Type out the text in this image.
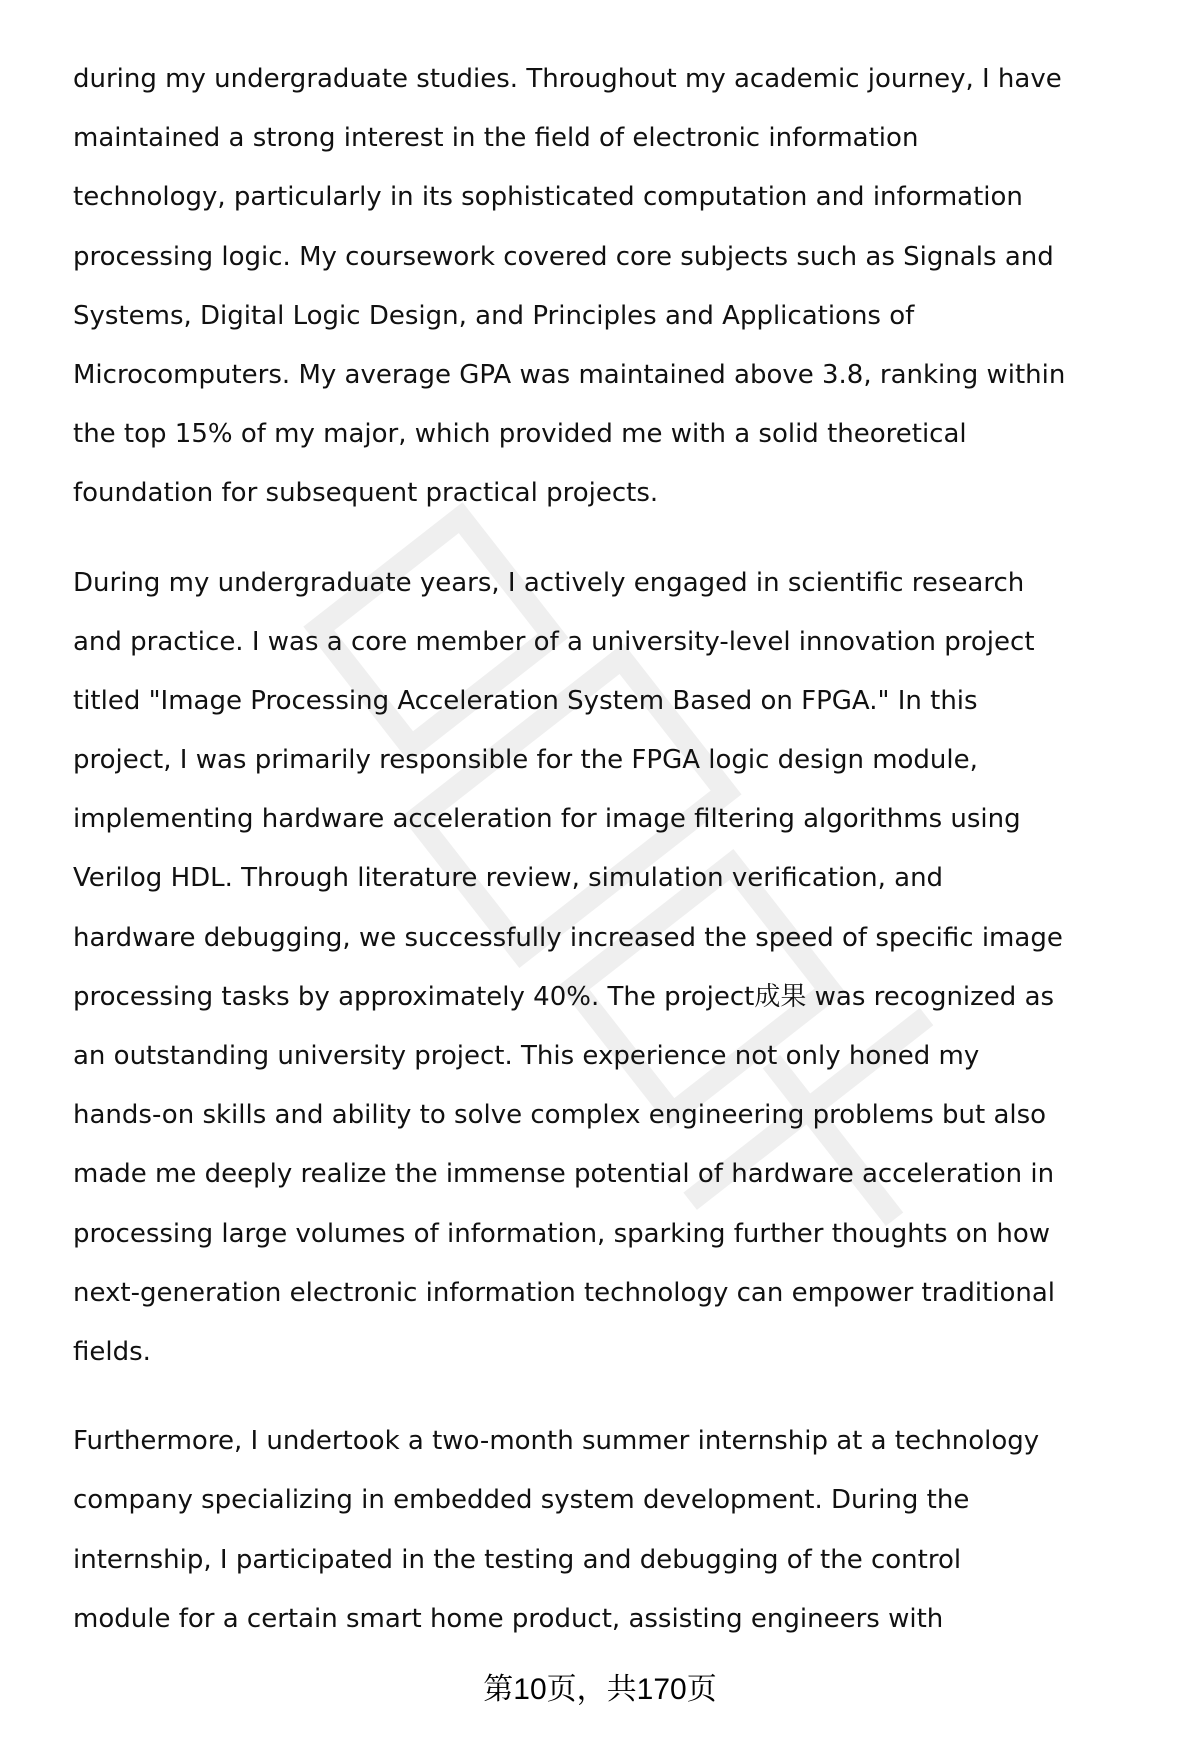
during my undergraduate studies. Throughout my academic journey, I have
maintained a strong interest in the field of electronic information
technology, particularly in its sophisticated computation and information
processing logic. My coursework covered core subjects such as Signals and
Systems, Digital Logic Design, and Principles and Applications of
Microcomputers. My average GPA was maintained above 3.8, ranking within
the top 15% of my major, which provided me with a solid theoretical
foundation for subsequent practical projects.
During my undergraduate years, I actively engaged in scientific research
and practice. I was a core member of a university-level innovation project
titled "Image Processing Acceleration System Based on FPGA." In this
project, I was primarily responsible for the FPGA logic design module,
implementing hardware acceleration for image filtering algorithms using
Verilog HDL. Through literature review, simulation verification, and
hardware debugging, we successfully increased the speed of specific image
processing tasks by approximately 40%. The project成果 was recognized as
an outstanding university project. This experience not only honed my
hands-on skills and ability to solve complex engineering problems but also
made me deeply realize the immense potential of hardware acceleration in
processing large volumes of information, sparking further thoughts on how
next-generation electronic information technology can empower traditional
fields.
Furthermore, I undertook a two-month summer internship at a technology
company specializing in embedded system development. During the
internship, I participated in the testing and debugging of the control
module for a certain smart home product, assisting engineers with
第10页，共170页
